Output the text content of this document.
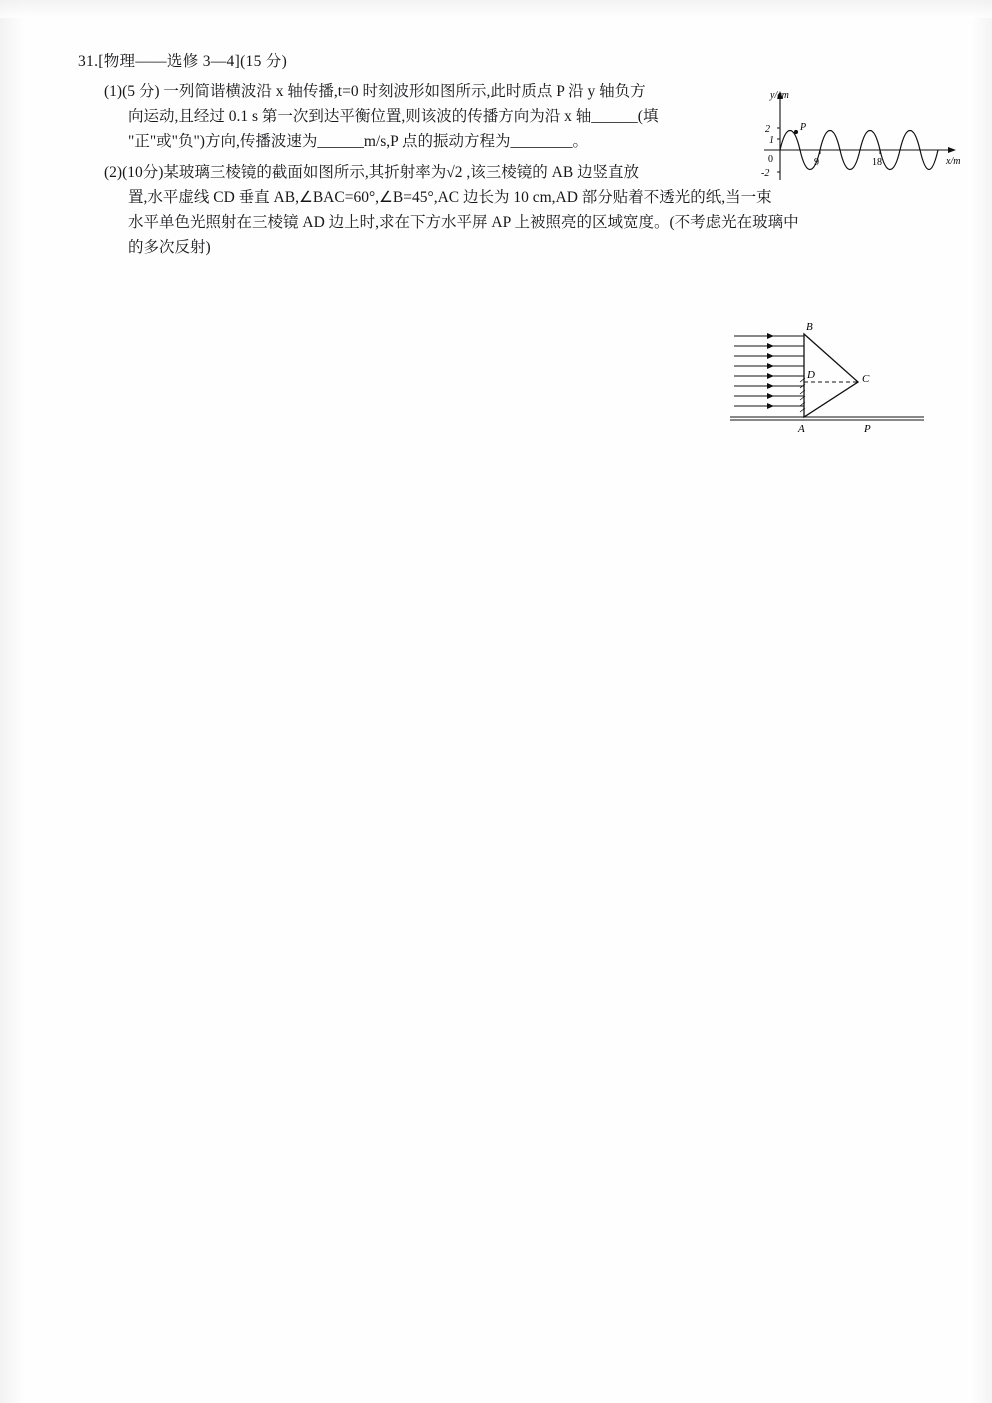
31.[物理——选修 3—4](15 分)
(1)(5 分) 一列简谐横波沿 x 轴传播,t=0 时刻波形如图所示,此时质点 P 沿 y 轴负方
向运动,且经过 0.1 s 第一次到达平衡位置,则该波的传播方向为沿 x 轴______(填
"正"或"负")方向,传播波速为______m/s,P 点的振动方程为________。
(2)(10分)某玻璃三棱镜的截面如图所示,其折射率为√2 ,该三棱镜的 AB 边竖直放
置,水平虚线 CD 垂直 AB,∠BAC=60°,∠B=45°,AC 边长为 10 cm,AD 部分贴着不透光的纸,当一束
水平单色光照射在三棱镜 AD 边上时,求在下方水平屏 AP 上被照亮的区域宽度。(不考虑光在玻璃中
的多次反射)
P
2
1
-2
0	9	18
y/cm
x/m
B
D	C
A	P
